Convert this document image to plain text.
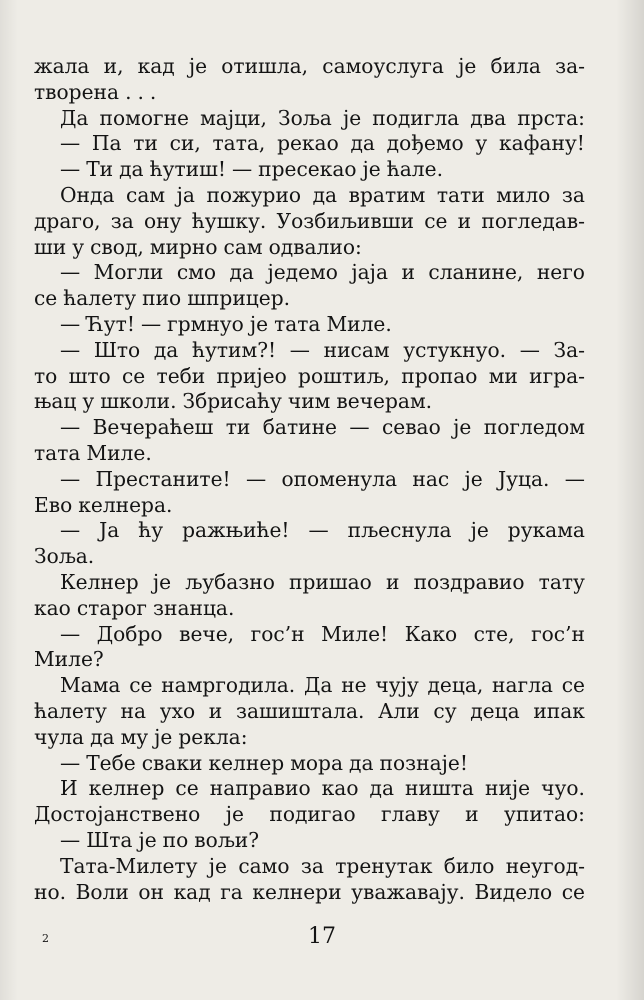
жала и, кад је отишла, самоуслуга је била за-
творена . . .
Да помогне мајци, Зоља је подигла два прста:
— Па ти си, тата, рекао да дођемо у кафану!
— Ти да ћутиш! — пресекао је ћале.
Онда сам ја пожурио да вратим тати мило за
драго, за ону ћушку. Уозбиљивши се и погледав-
ши у свод, мирно сам одвалио:
— Могли смо да једемо јаја и сланине, него
се ћалету пио шприцер.
— Ћут! — грмнуо је тата Миле.
— Што да ћутим?! — нисам устукнуо. — За-
то што се теби пријео роштиљ, пропао ми игра-
њац у школи. Збрисаћу чим вечерам.
— Вечераћеш ти батине — севао је погледом
тата Миле.
— Престаните! — опоменула нас је Јуца. —
Ево келнера.
— Ја ћу ражњиће! — пљеснула је рукама
Зоља.
Келнер је љубазно пришао и поздравио тату
као старог знанца.
— Добро вече, гос’н Миле! Како сте, гос’н
Миле?
Мама се намргодила. Да не чују деца, нагла се
ћалету на ухо и зашиштала. Али су деца ипак
чула да му је рекла:
— Тебе сваки келнер мора да познаје!
И келнер се направио као да ништа није чуо.
Достојанствено је подигао главу и упитао:
— Шта је по вољи?
Тата-Милету је само за тренутак било неугод-
но. Воли он кад га келнери уважавају. Видело се
2	17
